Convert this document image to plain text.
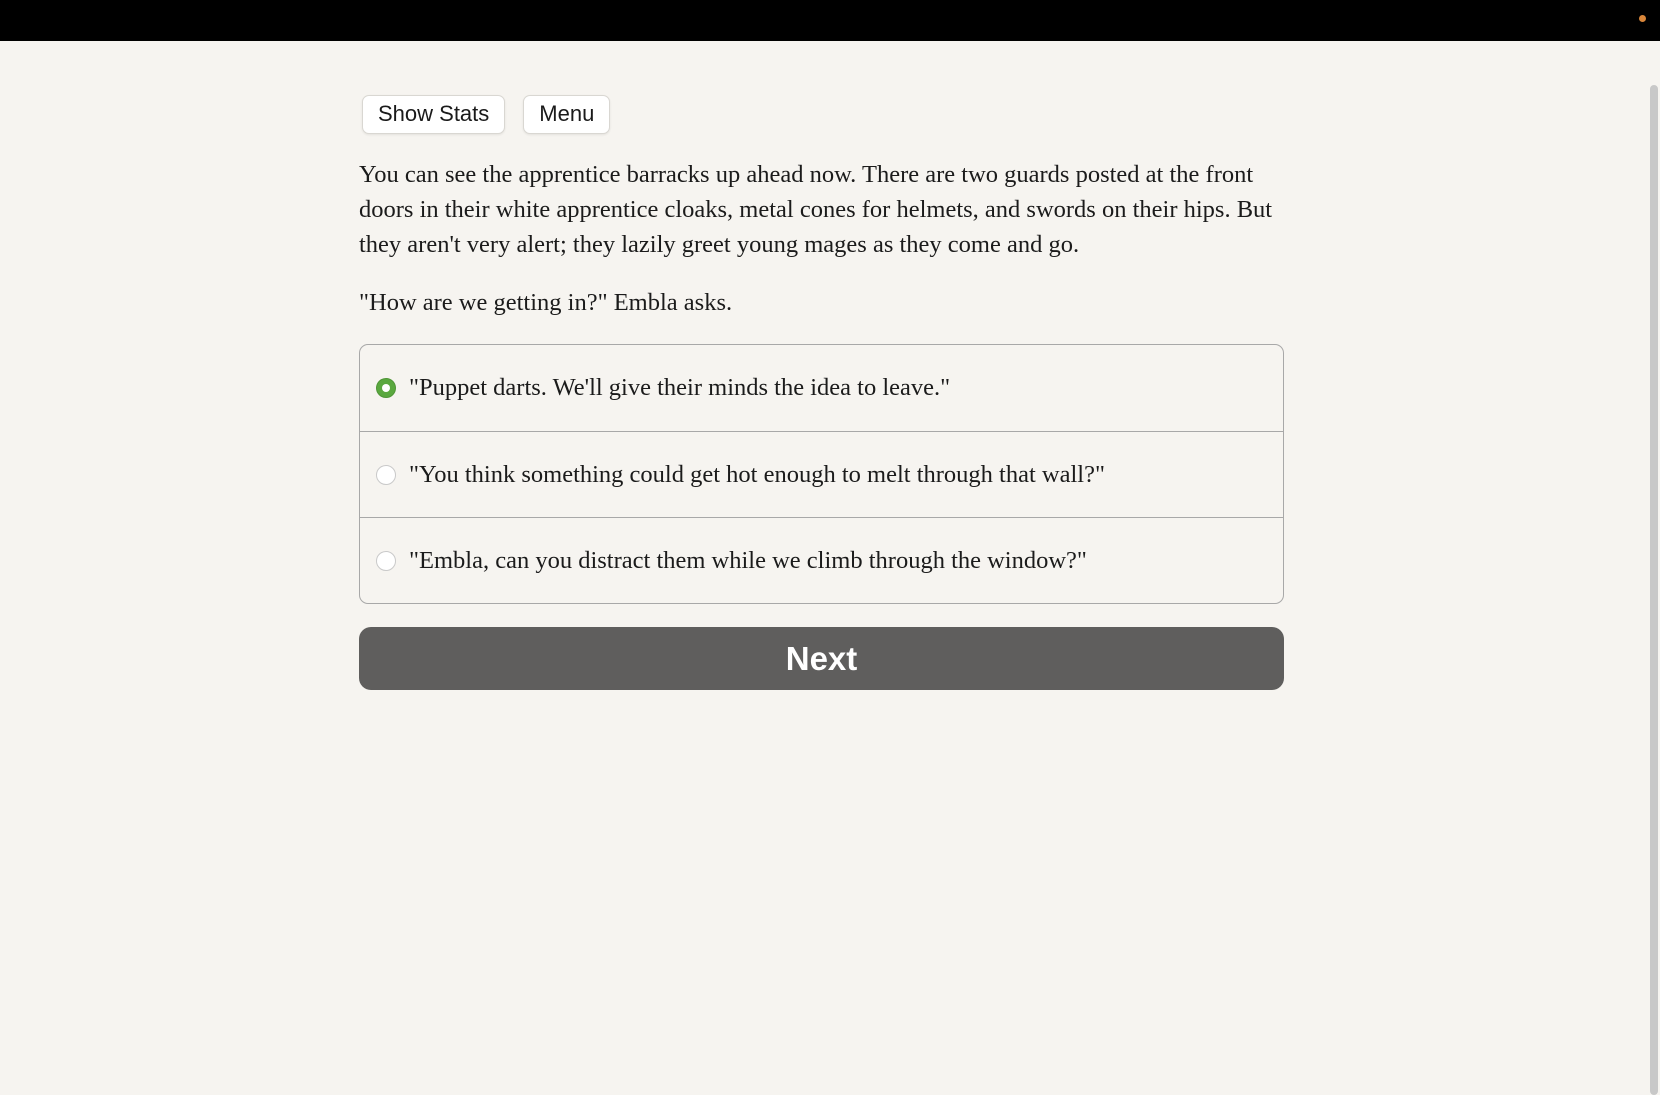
Show Stats	Menu

You can see the apprentice barracks up ahead now. There are two guards posted at the front doors in their white apprentice cloaks, metal cones for helmets, and swords on their hips. But they aren't very alert; they lazily greet young mages as they come and go.

"How are we getting in?" Embla asks.

"Puppet darts. We'll give their minds the idea to leave."
"You think something could get hot enough to melt through that wall?"
"Embla, can you distract them while we climb through the window?"
Next
